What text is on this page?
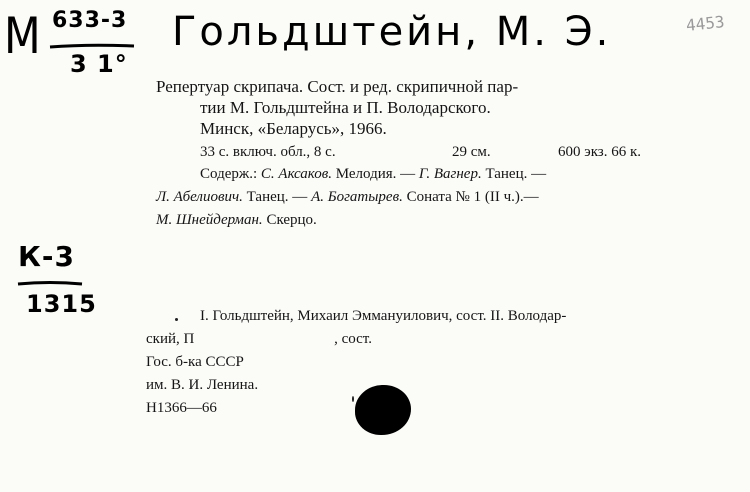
М 633-3
3 1°
Гольдштейн, М. Э.	4453
Репертуар скрипача. Сост. и ред. скрипичной пар-
тии М. Гольдштейна и П. Володарского.
Минск, «Беларусь», 1966.
33 с. включ. обл., 8 с.	29 см.	600 экз. 66 к.
Содерж.: С. Аксаков. Мелодия. — Г. Вагнер. Танец. —
Л. Абелиович. Танец. — А. Богатырев. Соната № 1 (II ч.).—
М. Шнейдерман. Скерцо.
К-3
1315	I. Гольдштейн, Михаил Эммануилович, сост. II. Володар-
ский, П	, сост.
Гос. б-ка СССР
им. В. И. Ленина.
Н1366—66
